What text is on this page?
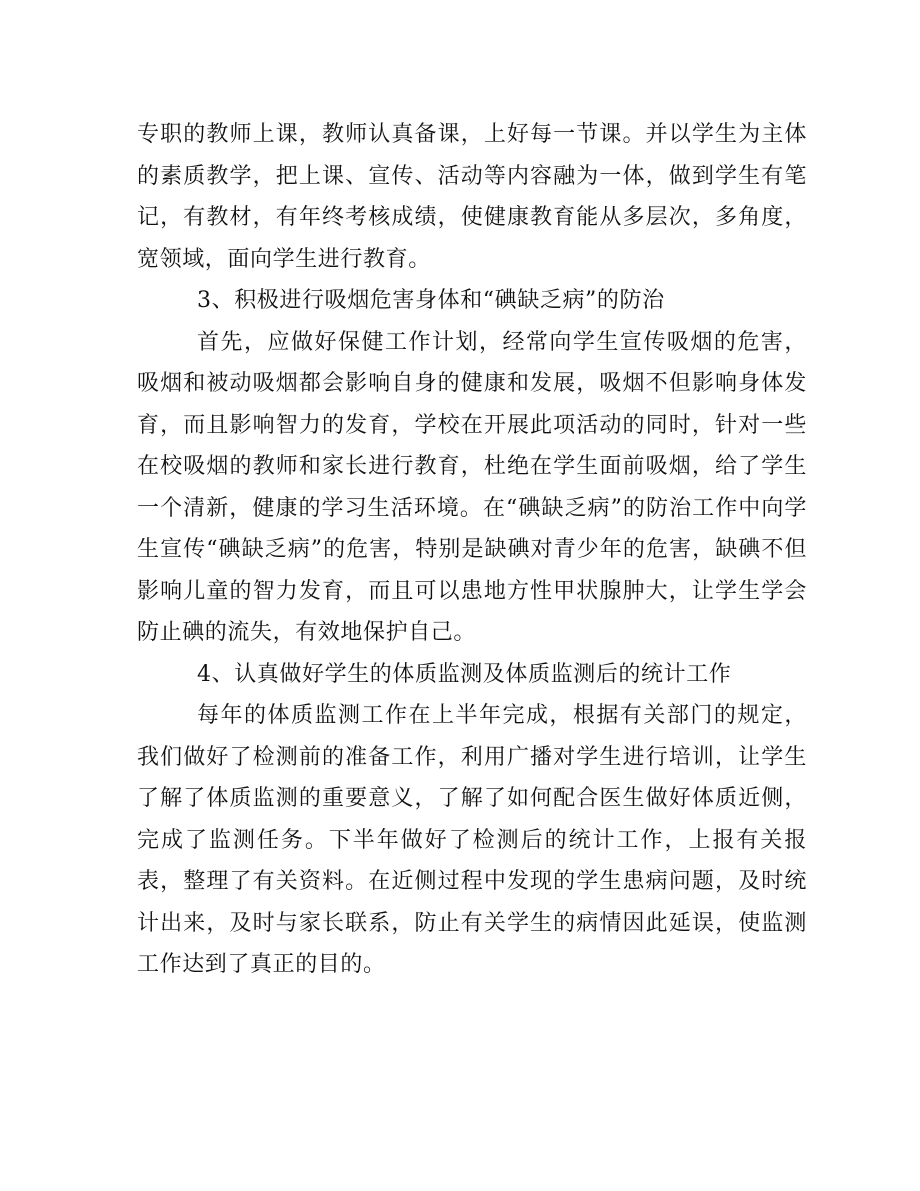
专职的教师上课，教师认真备课，上好每一节课。并以学生为主体的素质教学，把上课、宣传、活动等内容融为一体，做到学生有笔记，有教材，有年终考核成绩，使健康教育能从多层次，多角度，宽领域，面向学生进行教育。

3、积极进行吸烟危害身体和“碘缺乏病”的防治

首先，应做好保健工作计划，经常向学生宣传吸烟的危害，吸烟和被动吸烟都会影响自身的健康和发展，吸烟不但影响身体发育，而且影响智力的发育，学校在开展此项活动的同时，针对一些在校吸烟的教师和家长进行教育，杜绝在学生面前吸烟，给了学生一个清新，健康的学习生活环境。在“碘缺乏病”的防治工作中向学生宣传“碘缺乏病”的危害，特别是缺碘对青少年的危害，缺碘不但影响儿童的智力发育，而且可以患地方性甲状腺肿大，让学生学会防止碘的流失，有效地保护自己。

4、认真做好学生的体质监测及体质监测后的统计工作

每年的体质监测工作在上半年完成，根据有关部门的规定，我们做好了检测前的准备工作，利用广播对学生进行培训，让学生了解了体质监测的重要意义，了解了如何配合医生做好体质近侧，完成了监测任务。下半年做好了检测后的统计工作，上报有关报表，整理了有关资料。在近侧过程中发现的学生患病问题，及时统计出来，及时与家长联系，防止有关学生的病情因此延误，使监测工作达到了真正的目的。
